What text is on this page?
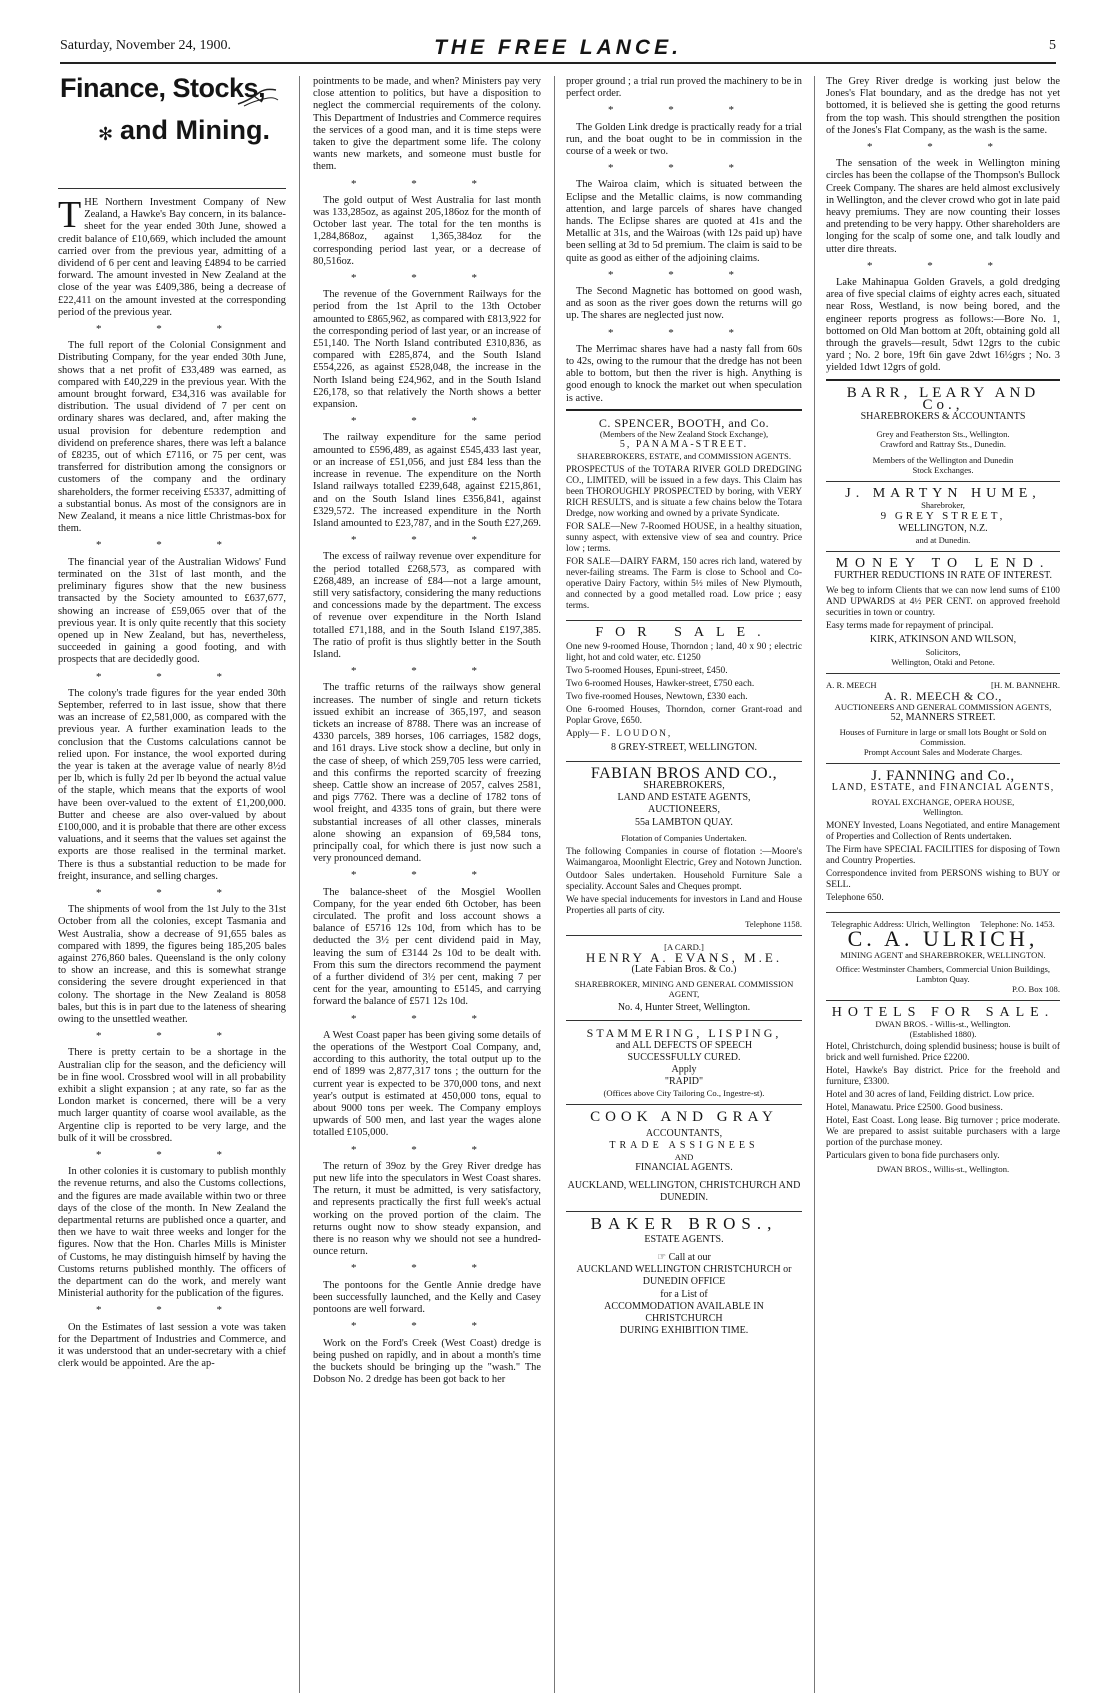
Saturday, November 24, 1900.	THE FREE LANCE.	5
Finance, Stocks,
✻ and Mining.

THE Northern Investment Company of New Zealand, a Hawke's Bay concern, in its balance-sheet for the year ended 30th June, showed a credit balance of £10,669, which included the amount carried over from the previous year, admitting of a dividend of 6 per cent and leaving £4894 to be carried forward. The amount invested in New Zealand at the close of the year was £409,386, being a decrease of £22,411 on the amount invested at the corresponding period of the previous year.

* * *

The full report of the Colonial Consignment and Distributing Company, for the year ended 30th June, shows that a net profit of £33,489 was earned, as compared with £40,229 in the previous year. With the amount brought forward, £34,316 was available for distribution. The usual dividend of 7 per cent on ordinary shares was declared, and, after making the usual provision for debenture redemption and dividend on preference shares, there was left a balance of £8235, out of which £7116, or 75 per cent, was transferred for distribution among the consignors or customers of the company and the ordinary shareholders, the former receiving £5337, admitting of a substantial bonus. As most of the consignors are in New Zealand, it means a nice little Christmas-box for them.

* * *

The financial year of the Australian Widows' Fund terminated on the 31st of last month, and the preliminary figures show that the new business transacted by the Society amounted to £637,677, showing an increase of £59,065 over that of the previous year. It is only quite recently that this society opened up in New Zealand, but has, nevertheless, succeeded in gaining a good footing, and with prospects that are decidedly good.

* * *

The colony's trade figures for the year ended 30th September, referred to in last issue, show that there was an increase of £2,581,000, as compared with the previous year. A further examination leads to the conclusion that the Customs calculations cannot be relied upon. For instance, the wool exported during the year is taken at the average value of nearly 8½d per lb, which is fully 2d per lb beyond the actual value of the staple, which means that the exports of wool have been over-valued to the extent of £1,200,000. Butter and cheese are also over-valued by about £100,000, and it is probable that there are other excess valuations, and it seems that the values set against the exports are those realised in the terminal market. There is thus a substantial reduction to be made for freight, insurance, and selling charges.

* * *

The shipments of wool from the 1st July to the 31st October from all the colonies, except Tasmania and West Australia, show a decrease of 91,655 bales as compared with 1899, the figures being 185,205 bales against 276,860 bales. Queensland is the only colony to show an increase, and this is somewhat strange considering the severe drought experienced in that colony. The shortage in the New Zealand is 8058 bales, but this is in part due to the lateness of shearing owing to the unsettled weather.

* * *

There is pretty certain to be a shortage in the Australian clip for the season, and the deficiency will be in fine wool. Crossbred wool will in all probability exhibit a slight expansion ; at any rate, so far as the London market is concerned, there will be a very much larger quantity of coarse wool available, as the Argentine clip is reported to be very large, and the bulk of it will be crossbred.

* * *

In other colonies it is customary to publish monthly the revenue returns, and also the Customs collections, and the figures are made available within two or three days of the close of the month. In New Zealand the departmental returns are published once a quarter, and then we have to wait three weeks and longer for the figures. Now that the Hon. Charles Mills is Minister of Customs, he may distinguish himself by having the Customs returns published monthly. The officers of the department can do the work, and merely want Ministerial authority for the publication of the figures.

* * *

On the Estimates of last session a vote was taken for the Department of Industries and Commerce, and it was understood that an under-secretary with a chief clerk would be appointed. Are the ap-

pointments to be made, and when? Ministers pay very close attention to politics, but have a disposition to neglect the commercial requirements of the colony. This Department of Industries and Commerce requires the services of a good man, and it is time steps were taken to give the department some life. The colony wants new markets, and someone must bustle for them.

* * *

The gold output of West Australia for last month was 133,285oz, as against 205,186oz for the month of October last year. The total for the ten months is 1,284,868oz, against 1,365,384oz for the corresponding period last year, or a decrease of 80,516oz.

* * *

The revenue of the Government Railways for the period from the 1st April to the 13th October amounted to £865,962, as compared with £813,922 for the corresponding period of last year, or an increase of £51,140. The North Island contributed £310,836, as compared with £285,874, and the South Island £554,226, as against £528,048, the increase in the North Island being £24,962, and in the South Island £26,178, so that relatively the North shows a better expansion.

* * *

The railway expenditure for the same period amounted to £596,489, as against £545,433 last year, or an increase of £51,056, and just £84 less than the increase in revenue. The expenditure on the North Island railways totalled £239,648, against £215,861, and on the South Island lines £356,841, against £329,572. The increased expenditure in the North Island amounted to £23,787, and in the South £27,269.

* * *

The excess of railway revenue over expenditure for the period totalled £268,573, as compared with £268,489, an increase of £84—not a large amount, still very satisfactory, considering the many reductions and concessions made by the department. The excess of revenue over expenditure in the North Island totalled £71,188, and in the South Island £197,385. The ratio of profit is thus slightly better in the South Island.

* * *

The traffic returns of the railways show general increases. The number of single and return tickets issued exhibit an increase of 365,197, and season tickets an increase of 8788. There was an increase of 4330 parcels, 389 horses, 106 carriages, 1582 dogs, and 161 drays. Live stock show a decline, but only in the case of sheep, of which 259,705 less were carried, and this confirms the reported scarcity of freezing sheep. Cattle show an increase of 2057, calves 2581, and pigs 7762. There was a decline of 1782 tons of wool freight, and 4335 tons of grain, but there were substantial increases of all other classes, minerals alone showing an expansion of 69,584 tons, principally coal, for which there is just now such a very pronounced demand.

* * *

The balance-sheet of the Mosgiel Woollen Company, for the year ended 6th October, has been circulated. The profit and loss account shows a balance of £5716 12s 10d, from which has to be deducted the 3½ per cent dividend paid in May, leaving the sum of £3144 2s 10d to be dealt with. From this sum the directors recommend the payment of a further dividend of 3½ per cent, making 7 per cent for the year, amounting to £5145, and carrying forward the balance of £571 12s 10d.

* * *

A West Coast paper has been giving some details of the operations of the Westport Coal Company, and, according to this authority, the total output up to the end of 1899 was 2,877,317 tons ; the outturn for the current year is expected to be 370,000 tons, and next year's output is estimated at 450,000 tons, equal to about 9000 tons per week. The Company employs upwards of 500 men, and last year the wages alone totalled £105,000.

* * *

The return of 39oz by the Grey River dredge has put new life into the speculators in West Coast shares. The return, it must be admitted, is very satisfactory, and represents practically the first full week's actual working on the proved portion of the claim. The returns ought now to show steady expansion, and there is no reason why we should not see a hundred-ounce return.

* * *

The pontoons for the Gentle Annie dredge have been successfully launched, and the Kelly and Casey pontoons are well forward.

* * *

Work on the Ford's Creek (West Coast) dredge is being pushed on rapidly, and in about a month's time the buckets should be bringing up the "wash." The Dobson No. 2 dredge has been got back to her

proper ground ; a trial run proved the machinery to be in perfect order.

* * *

The Golden Link dredge is practically ready for a trial run, and the boat ought to be in commission in the course of a week or two.

* * *

The Wairoa claim, which is situated between the Eclipse and the Metallic claims, is now commanding attention, and large parcels of shares have changed hands. The Eclipse shares are quoted at 41s and the Metallic at 31s, and the Wairoas (with 12s paid up) have been selling at 3d to 5d premium. The claim is said to be quite as good as either of the adjoining claims.

* * *

The Second Magnetic has bottomed on good wash, and as soon as the river goes down the returns will go up. The shares are neglected just now.

* * *

The Merrimac shares have had a nasty fall from 60s to 42s, owing to the rumour that the dredge has not been able to bottom, but then the river is high. Anything is good enough to knock the market out when speculation is active.

C. SPENCER, BOOTH, and Co.
(Members of the New Zealand Stock Exchange),
5, PANAMA-STREET.
SHAREBROKERS, ESTATE, and COMMISSION AGENTS.

PROSPECTUS of the TOTARA RIVER GOLD DREDGING CO., LIMITED, will be issued in a few days. This Claim has been THOROUGHLY PROSPECTED by boring, with VERY RICH RESULTS, and is situate a few chains below the Totara Dredge, now working and owned by a private Syndicate.

FOR SALE—New 7-Roomed HOUSE, in a healthy situation, sunny aspect, with extensive view of sea and country. Price low ; terms.

FOR SALE—DAIRY FARM, 150 acres rich land, watered by never-failing streams. The Farm is close to School and Co-operative Dairy Factory, within 5½ miles of New Plymouth, and connected by a good metalled road. Low price ; easy terms.

FOR SALE.

One new 9-roomed House, Thorndon ; land, 40 x 90 ; electric light, hot and cold water, etc. £1250

Two 5-roomed Houses, Epuni-street, £450.

Two 6-roomed Houses, Hawker-street, £750 each.

Two five-roomed Houses, Newtown, £330 each.

One 6-roomed Houses, Thorndon, corner Grant-road and Poplar Grove, £650.

Apply— F. LOUDON,

8 GREY-STREET, WELLINGTON.
FABIAN BROS AND CO.,
SHAREBROKERS,
LAND AND ESTATE AGENTS,
AUCTIONEERS,
55a LAMBTON QUAY.
Flotation of Companies Undertaken.

The following Companies in course of flotation :—Moore's Waimangaroa, Moonlight Electric, Grey and Notown Junction.

Outdoor Sales undertaken. Household Furniture Sale a speciality. Account Sales and Cheques prompt.

We have special inducements for investors in Land and House Properties all parts of city.

Telephone 1158.
[A CARD.]
HENRY A. EVANS, M.E.
(Late Fabian Bros. & Co.)
SHAREBROKER, MINING AND GENERAL COMMISSION AGENT,
No. 4, Hunter Street, Wellington.
STAMMERING, LISPING,
and ALL DEFECTS OF SPEECH
SUCCESSFULLY CURED.
Apply
"RAPID"
(Offices above City Tailoring Co., Ingestre-st).
COOK AND GRAY
ACCOUNTANTS,
TRADE ASSIGNEES
AND
FINANCIAL AGENTS.
AUCKLAND, WELLINGTON, CHRISTCHURCH AND DUNEDIN.
BAKER BROS.,
ESTATE AGENTS.
☞ Call at our
AUCKLAND WELLINGTON CHRISTCHURCH or DUNEDIN OFFICE
for a List of
ACCOMMODATION AVAILABLE IN CHRISTCHURCH
DURING EXHIBITION TIME.

The Grey River dredge is working just below the Jones's Flat boundary, and as the dredge has not yet bottomed, it is believed she is getting the good returns from the top wash. This should strengthen the position of the Jones's Flat Company, as the wash is the same.

* * *

The sensation of the week in Wellington mining circles has been the collapse of the Thompson's Bullock Creek Company. The shares are held almost exclusively in Wellington, and the clever crowd who got in late paid heavy premiums. They are now counting their losses and pretending to be very happy. Other shareholders are longing for the scalp of some one, and talk loudly and utter dire threats.

* * *

Lake Mahinapua Golden Gravels, a gold dredging area of five special claims of eighty acres each, situated near Ross, Westland, is now being bored, and the engineer reports progress as follows:—Bore No. 1, bottomed on Old Man bottom at 20ft, obtaining gold all through the gravels—result, 5dwt 12grs to the cubic yard ; No. 2 bore, 19ft 6in gave 2dwt 16½grs ; No. 3 yielded 1dwt 12grs of gold.

BARR, LEARY AND Co.,
SHAREBROKERS & ACCOUNTANTS
Grey and Featherston Sts., Wellington.
Crawford and Rattray Sts., Dunedin.
Members of the Wellington and Dunedin
Stock Exchanges.
J. MARTYN HUME,
Sharebroker,
9 GREY STREET,
WELLINGTON, N.Z.
and at Dunedin.
MONEY TO LEND.
FURTHER REDUCTIONS IN RATE OF INTEREST.

We beg to inform Clients that we can now lend sums of £100 AND UPWARDS at 4½ PER CENT. on approved freehold securities in town or country.

Easy terms made for repayment of principal.

KIRK, ATKINSON AND WILSON,
Solicitors,
Wellington, Otaki and Petone.
A. R. MEECH	[H. M. BANNEHR.
A. R. MEECH & CO.,
AUCTIONEERS AND GENERAL COMMISSION AGENTS,
52, MANNERS STREET.
Houses of Furniture in large or small lots Bought or Sold on Commission.
Prompt Account Sales and Moderate Charges.
J. FANNING and Co.,
LAND, ESTATE, and FINANCIAL AGENTS,
ROYAL EXCHANGE, OPERA HOUSE,
Wellington.

MONEY Invested, Loans Negotiated, and entire Management of Properties and Collection of Rents undertaken.

The Firm have SPECIAL FACILITIES for disposing of Town and Country Properties.

Correspondence invited from PERSONS wishing to BUY or SELL.

Telephone 650.

Telegraphic Address: Ulrich, Wellington Telephone: No. 1453.
C. A. ULRICH,
MINING AGENT and SHAREBROKER, WELLINGTON.
Office: Westminster Chambers, Commercial Union Buildings, Lambton Quay.
P.O. Box 108.
HOTELS FOR SALE.
DWAN BROS. - Willis-st., Wellington.
(Established 1880).

Hotel, Christchurch, doing splendid business; house is built of brick and well furnished. Price £2200.

Hotel, Hawke's Bay district. Price for the freehold and furniture, £3300.

Hotel and 30 acres of land, Feilding district. Low price.

Hotel, Manawatu. Price £2500. Good business.

Hotel, East Coast. Long lease. Big turnover ; price moderate. We are prepared to assist suitable purchasers with a large portion of the purchase money.

Particulars given to bona fide purchasers only.

DWAN BROS., Willis-st., Wellington.
